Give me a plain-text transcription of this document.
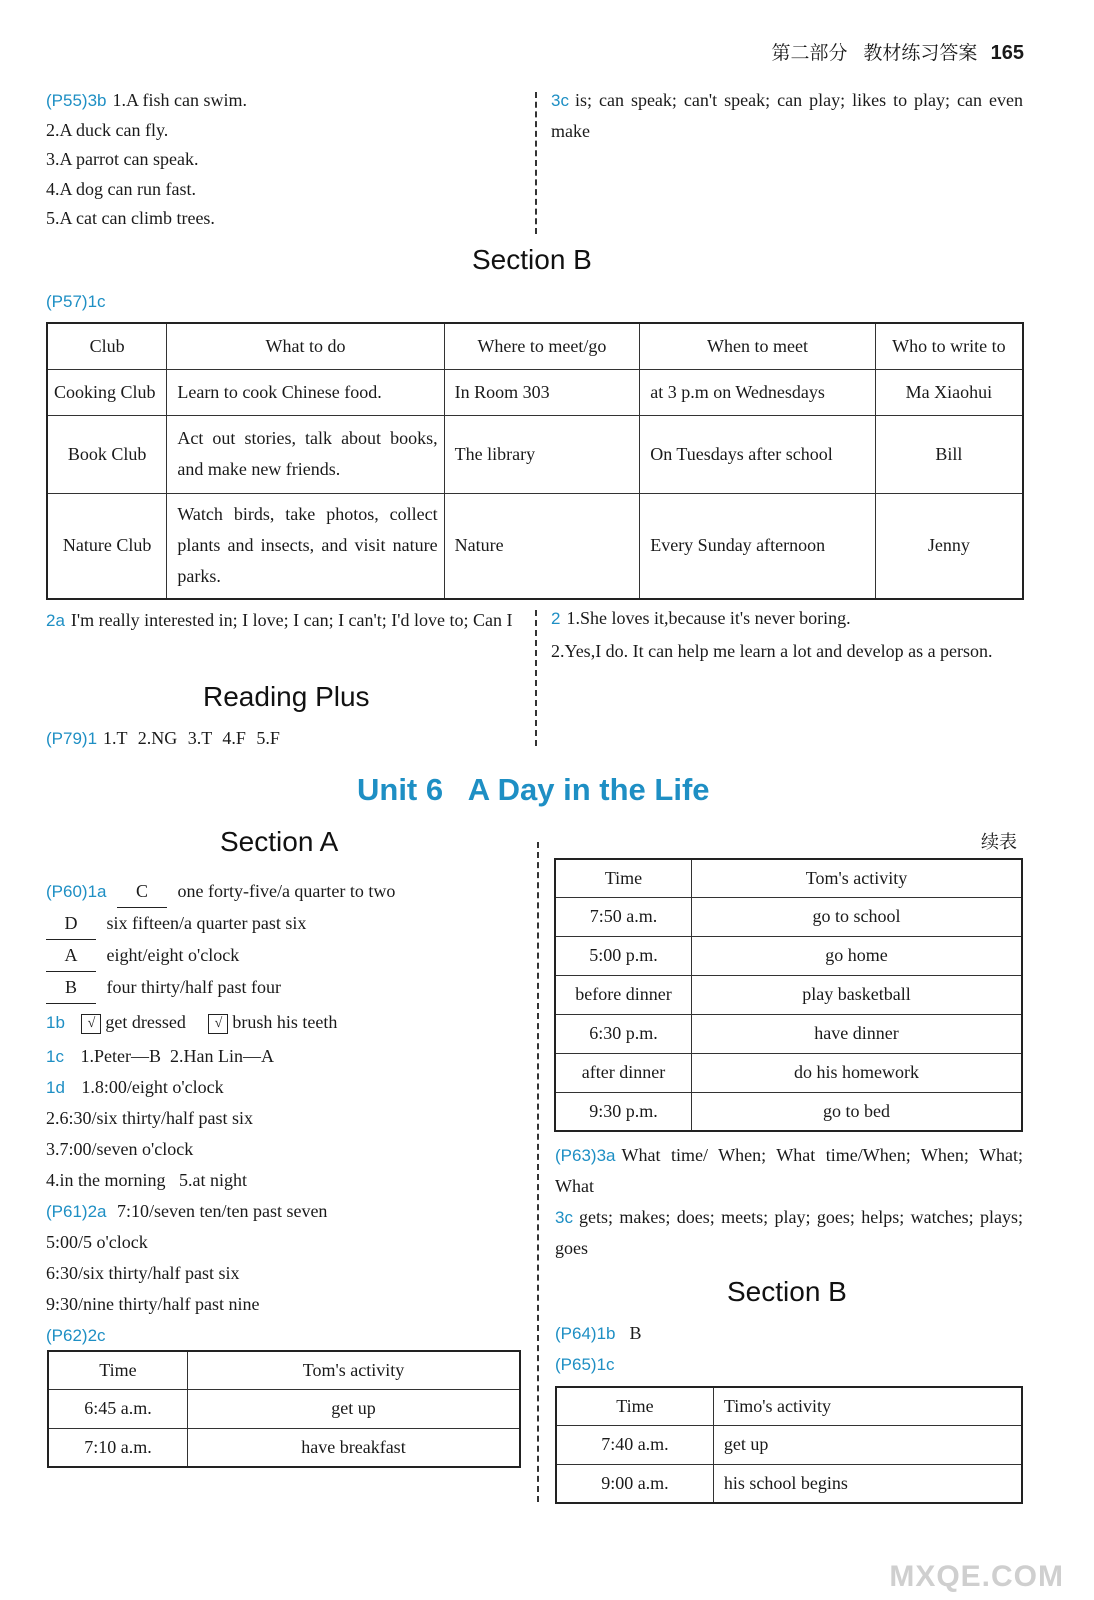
第二部分 教材练习答案 165
(P55)3b 1.A fish can swim.
2.A duck can fly.
3.A parrot can speak.
4.A dog can run fast.
5.A cat can climb trees.
3c is; can speak; can't speak; can play; likes to play; can even make
Section B
(P57)1c
Club	What to do	Where to meet/go	When to meet	Who to write to
Cooking Club	Learn to cook Chinese food.	In Room 303	at 3 p.m on Wednesdays	Ma Xiaohui
Book Club	Act out stories, talk about books, and make new friends.	The library	On Tuesdays after school	Bill
Nature Club	Watch birds, take photos, collect plants and insects, and visit nature parks.	Nature	Every Sunday afternoon	Jenny
2a I'm really interested in; I love; I can; I can't; I'd love to; Can I
Reading Plus
(P79)1 1.T 2.NG 3.T 4.F 5.F
2 1.She loves it,because it's never boring.
2.Yes,I do. It can help me learn a lot and develop as a person.
Unit 6   A Day in the Life
Section A
(P60)1a C one forty-five/a quarter to two
D six fifteen/a quarter past six
A eight/eight o'clock
B four thirty/half past four
1b √ get dressed √ brush his teeth
1c 1.Peter—B  2.Han Lin—A
1d 1.8:00/eight o'clock
2.6:30/six thirty/half past six
3.7:00/seven o'clock
4.in the morning   5.at night
(P61)2a 7:10/seven ten/ten past seven
5:00/5 o'clock
6:30/six thirty/half past six
9:30/nine thirty/half past nine
(P62)2c
Time	Tom's activity
6:45 a.m.	get up
7:10 a.m.	have breakfast
续表
Time	Tom's activity
7:50 a.m.	go to school
5:00 p.m.	go home
before dinner	play basketball
6:30 p.m.	have dinner
after dinner	do his homework
9:30 p.m.	go to bed
(P63)3a What time/ When; What time/When; When; What; What
3c gets; makes; does; meets; play; goes; helps; watches; plays; goes
Section B
(P64)1b B
(P65)1c
Time	Timo's activity
7:40 a.m.	get up
9:00 a.m.	his school begins
MXQE.COM
